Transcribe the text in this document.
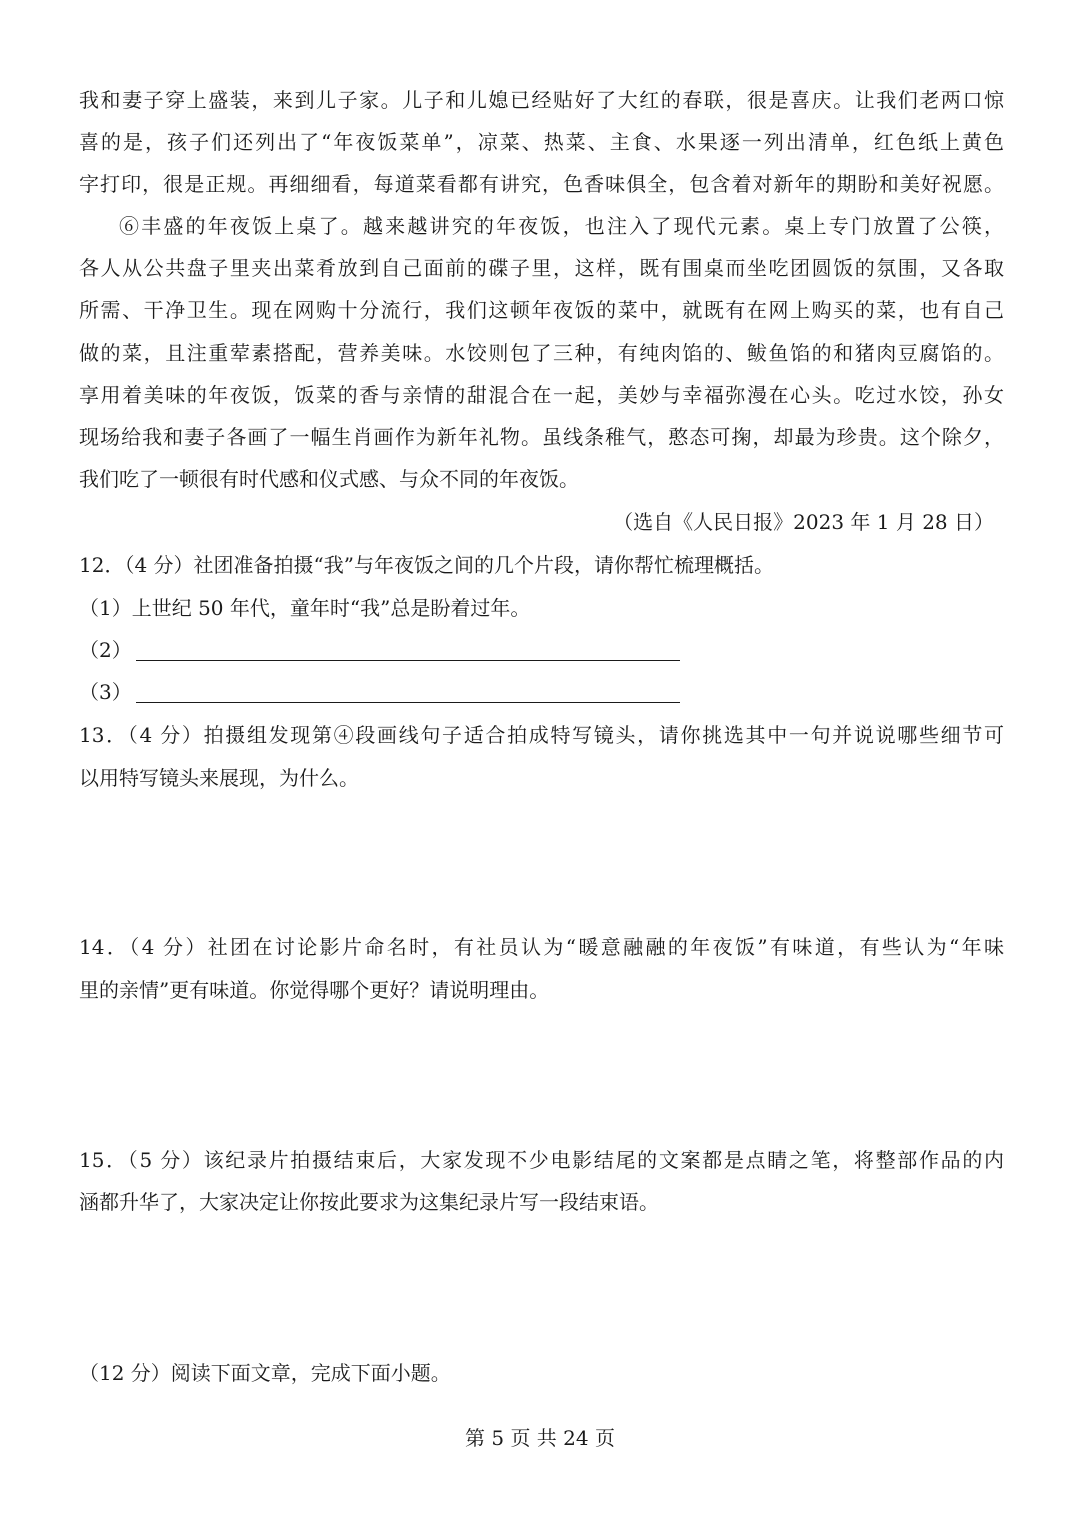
我和妻子穿上盛装，来到儿子家。儿子和儿媳已经贴好了大红的春联，很是喜庆。让我们老两口惊
喜的是，孩子们还列出了“年夜饭菜单”，凉菜、热菜、主食、水果逐一列出清单，红色纸上黄色
字打印，很是正规。再细细看，每道菜看都有讲究，色香味俱全，包含着对新年的期盼和美好祝愿。
⑥丰盛的年夜饭上桌了。越来越讲究的年夜饭，也注入了现代元素。桌上专门放置了公筷，
各人从公共盘子里夹出菜肴放到自己面前的碟子里，这样，既有围桌而坐吃团圆饭的氛围，又各取
所需、干净卫生。现在网购十分流行，我们这顿年夜饭的菜中，就既有在网上购买的菜，也有自己
做的菜，且注重荤素搭配，营养美味。水饺则包了三种，有纯肉馅的、鲅鱼馅的和猪肉豆腐馅的。
享用着美味的年夜饭，饭菜的香与亲情的甜混合在一起，美妙与幸福弥漫在心头。吃过水饺，孙女
现场给我和妻子各画了一幅生肖画作为新年礼物。虽线条稚气，憨态可掬，却最为珍贵。这个除夕，
我们吃了一顿很有时代感和仪式感、与众不同的年夜饭。
（选自《人民日报》2023 年 1 月 28 日）
12．（4 分）社团准备拍摄“我”与年夜饭之间的几个片段，请你帮忙梳理概括。
（1）上世纪 50 年代，童年时“我”总是盼着过年。
（2）
（3）
13．（4 分）拍摄组发现第④段画线句子适合拍成特写镜头，请你挑选其中一句并说说哪些细节可
以用特写镜头来展现，为什么。
14．（4 分）社团在讨论影片命名时，有社员认为“暖意融融的年夜饭”有味道，有些认为“年味
里的亲情”更有味道。你觉得哪个更好？请说明理由。
15．（5 分）该纪录片拍摄结束后，大家发现不少电影结尾的文案都是点睛之笔，将整部作品的内
涵都升华了，大家决定让你按此要求为这集纪录片写一段结束语。
（12 分）阅读下面文章，完成下面小题。
第 5 页 共 24 页
